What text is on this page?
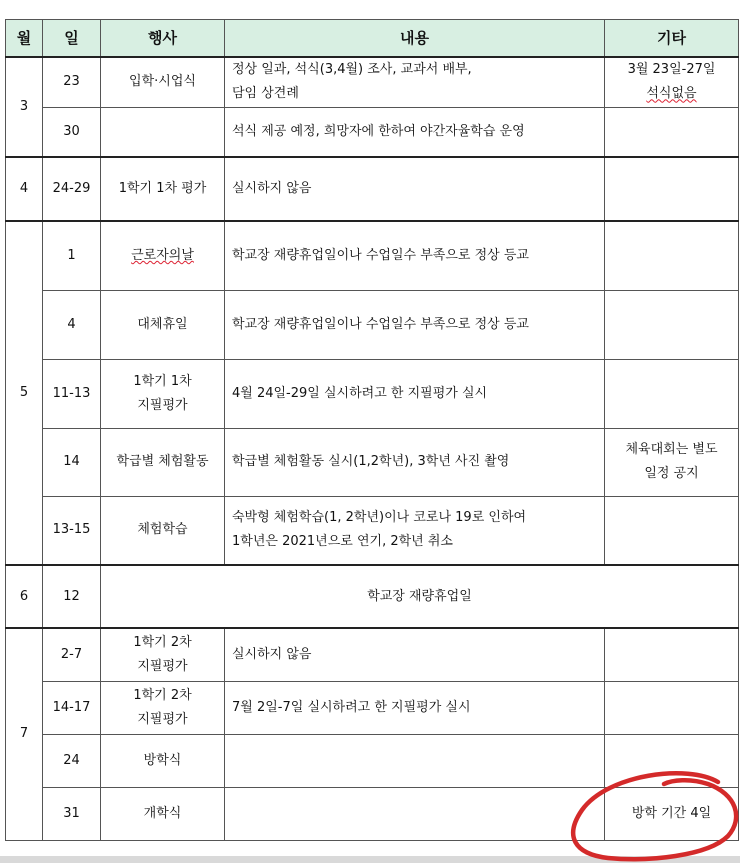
월	일	행사	내용	기타
3	23	입학·시업식	정상 일과, 석식(3,4월) 조사, 교과서 배부,
담임 상견례	3월 23일-27일
석식없음
	30		석식 제공 예정, 희망자에 한하여 야간자율학습 운영	
4	24-29	1학기 1차 평가	실시하지 않음	
5	1	근로자의날	학교장 재량휴업일이나 수업일수 부족으로 정상 등교	
	4	대체휴일	학교장 재량휴업일이나 수업일수 부족으로 정상 등교	
	11-13	1학기 1차
지필평가	4월 24일-29일 실시하려고 한 지필평가 실시	
	14	학급별 체험활동	학급별 체험활동 실시(1,2학년), 3학년 사진 촬영	체육대회는 별도
일정 공지
	13-15	체험학습	숙박형 체험학습(1, 2학년)이나 코로나 19로 인하여
1학년은 2021년으로 연기, 2학년 취소	
6	12	학교장 재량휴업일		
7	2-7	1학기 2차
지필평가	실시하지 않음	
	14-17	1학기 2차
지필평가	7월 2일-7일 실시하려고 한 지필평가 실시	
	24	방학식		
	31	개학식		방학 기간 4일
